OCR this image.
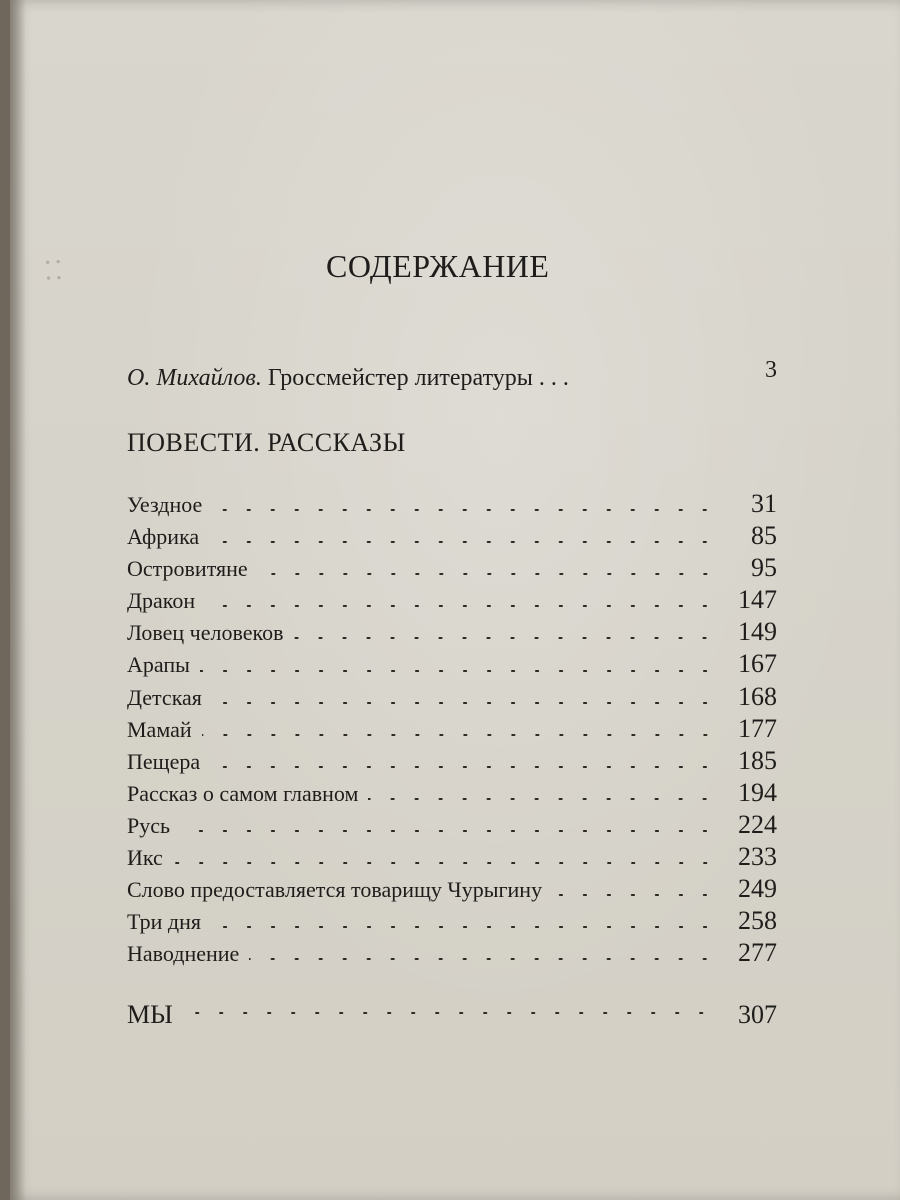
• •
• •	СОДЕРЖАНИЕ
О. Михайлов. Гроссмейстер литературы . . .	3
ПОВЕСТИ. РАССКАЗЫ
Уездное	31
Африка	85
Островитяне	95
Дракон	147
Ловец человеков	149
Арапы	167
Детская	168
Мамай	177
Пещера	185
Рассказ о самом главном	194
Русь	224
Икс	233
Слово предоставляется товарищу Чурыгину	249
Три дня	258
Наводнение	277
МЫ	307
